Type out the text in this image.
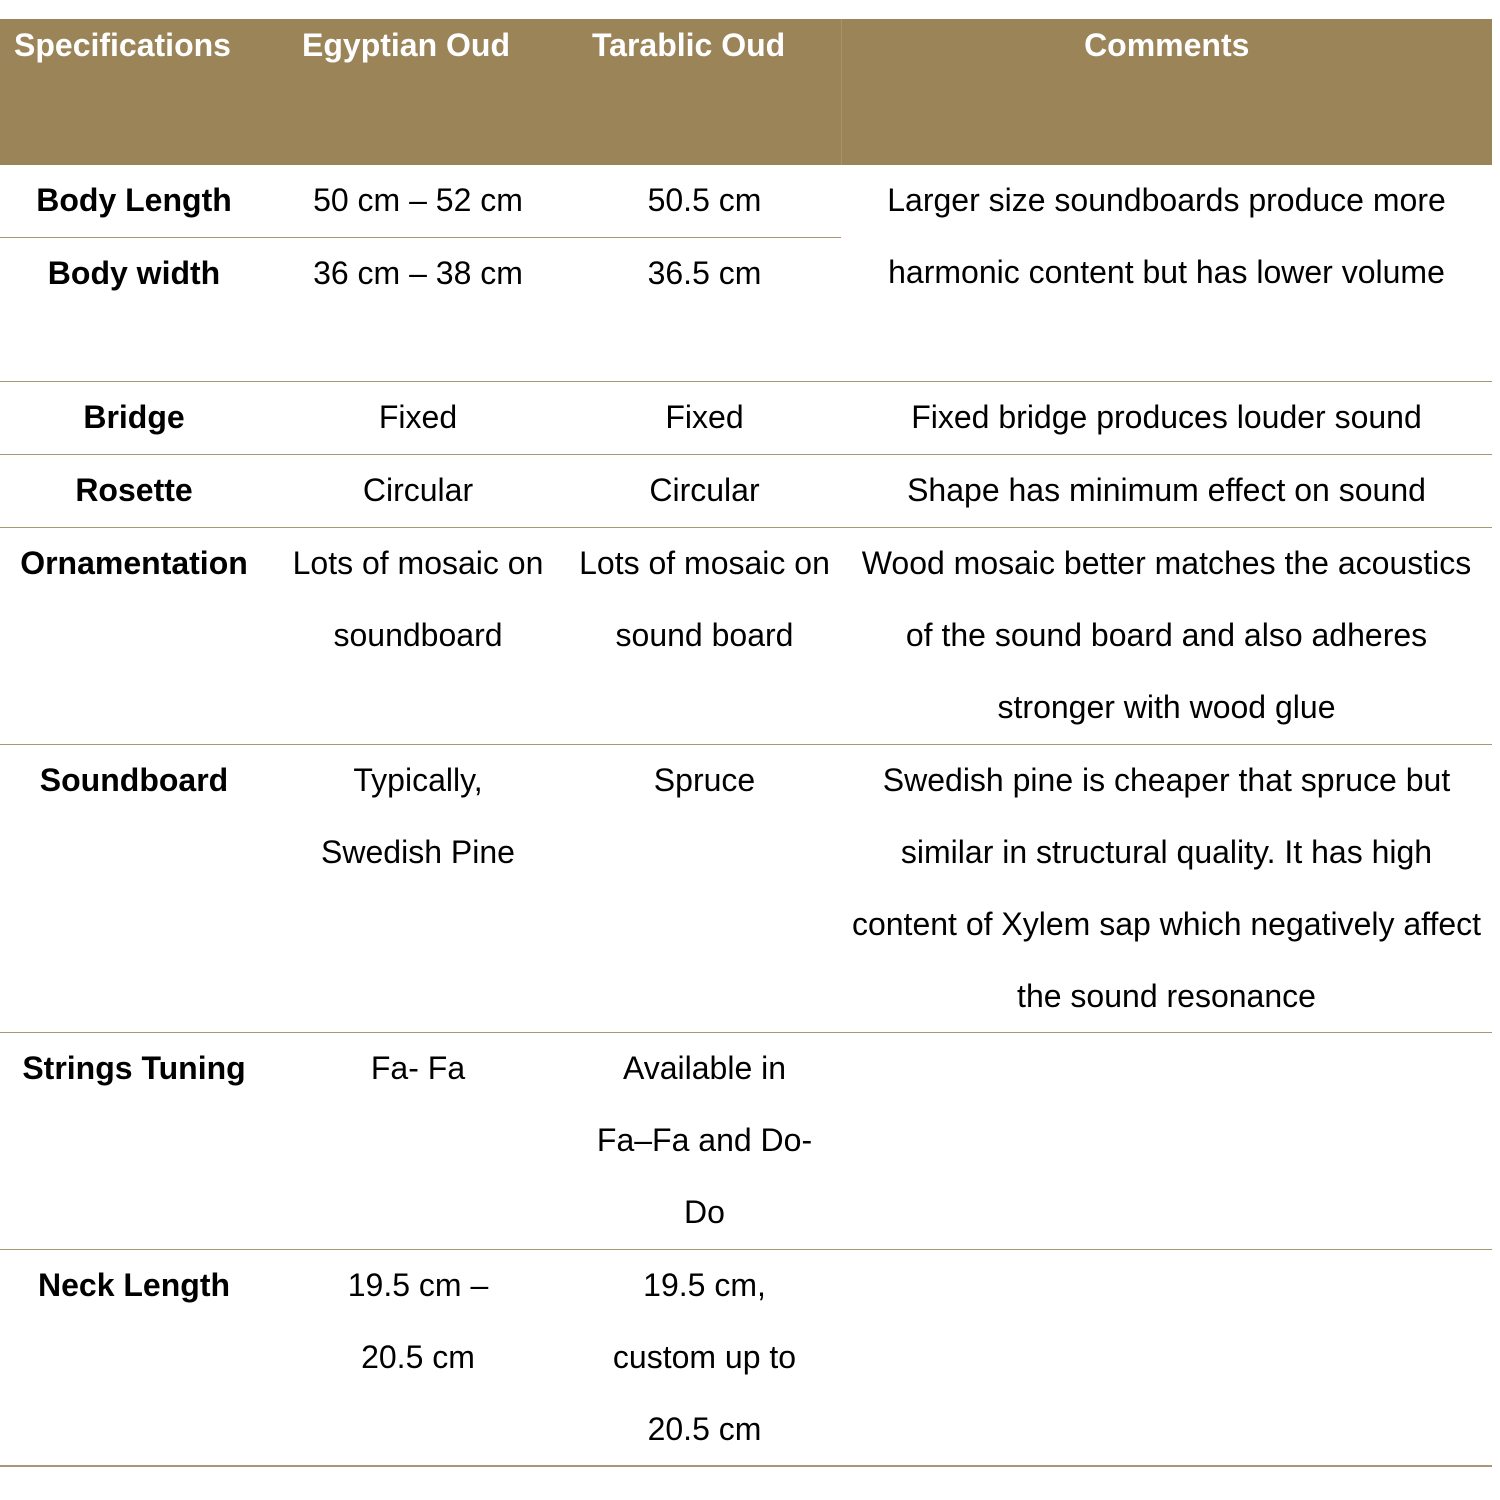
Specifications	Egyptian Oud	Tarablic Oud	Comments

Body Length	50 cm – 52 cm	50.5 cm	Larger size soundboards produce more harmonic content but has lower volume

Body width	36 cm – 38 cm	36.5 cm	

Bridge	Fixed	Fixed	Fixed bridge produces louder sound

Rosette	Circular	Circular	Shape has minimum effect on sound

Ornamentation	Lots of mosaic on soundboard	Lots of mosaic on sound board	Wood mosaic better matches the acoustics of the sound board and also adheres stronger with wood glue

Soundboard	Typically, Swedish Pine	Spruce	Swedish pine is cheaper that spruce but similar in structural quality. It has high content of Xylem sap which negatively affect the sound resonance

Strings Tuning	Fa- Fa	Available in Fa–Fa and Do-Do	

Neck Length	19.5 cm – 20.5 cm	19.5 cm, custom up to 20.5 cm	
